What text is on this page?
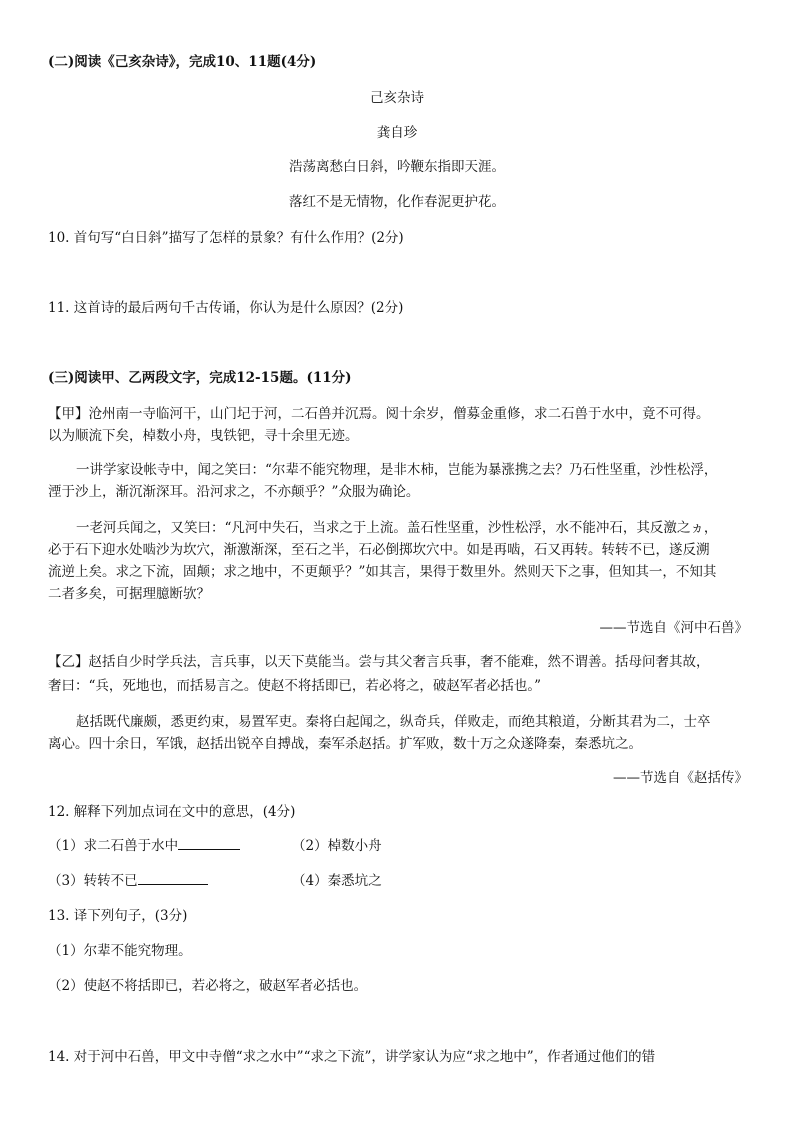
(二)阅读《己亥杂诗》，完成10、11题(4分)
己亥杂诗
龚自珍
浩荡离愁白日斜，吟鞭东指即天涯。
落红不是无情物，化作春泥更护花。
10. 首句写“白日斜”描写了怎样的景象？有什么作用？(2分)
11. 这首诗的最后两句千古传诵，你认为是什么原因？(2分)
(三)阅读甲、乙两段文字，完成12-15题。(11分)
【甲】沧州南一寺临河干，山门圮于河，二石兽并沉焉。阅十余岁，僧募金重修，求二石兽于水中，竟不可得。
以为顺流下矣，棹数小舟，曳铁钯，寻十余里无迹。
一讲学家设帐寺中，闻之笑曰：“尔辈不能究物理，是非木柿，岂能为暴涨携之去？乃石性坚重，沙性松浮，
湮于沙上，渐沉渐深耳。沿河求之，不亦颠乎？”众服为确论。
一老河兵闻之，又笑曰：“凡河中失石，当求之于上流。盖石性坚重，沙性松浮，水不能冲石，其反激之ヵ，
必于石下迎水处啮沙为坎穴，渐激渐深，至石之半，石必倒掷坎穴中。如是再啮，石又再转。转转不已，遂反溯
流逆上矣。求之下流，固颠；求之地中，不更颠乎？”如其言，果得于数里外。然则天下之事，但知其一，不知其
二者多矣，可据理臆断欤？
——节选自《河中石兽》
【乙】赵括自少时学兵法，言兵事，以天下莫能当。尝与其父奢言兵事，奢不能难，然不谓善。括母问奢其故，
奢曰：“兵，死地也，而括易言之。使赵不将括即已，若必将之，破赵军者必括也。”
赵括既代廉颇，悉更约束，易置军吏。秦将白起闻之，纵奇兵，佯败走，而绝其粮道，分断其君为二，士卒
离心。四十余日，军饿，赵括出锐卒自搏战，秦军杀赵括。扩军败，数十万之众遂降秦，秦悉坑之。
——节选自《赵括传》
12. 解释下列加点词在文中的意思，(4分)
（1）求二石兽于水中	（2）棹数小舟
（3）转转不已	（4）秦悉坑之
13. 译下列句子，(3分)
（1）尔辈不能究物理。
（2）使赵不将括即已，若必将之，破赵军者必括也。
14. 对于河中石兽，甲文中寺僧“求之水中”“求之下流”，讲学家认为应“求之地中”，作者通过他们的错
